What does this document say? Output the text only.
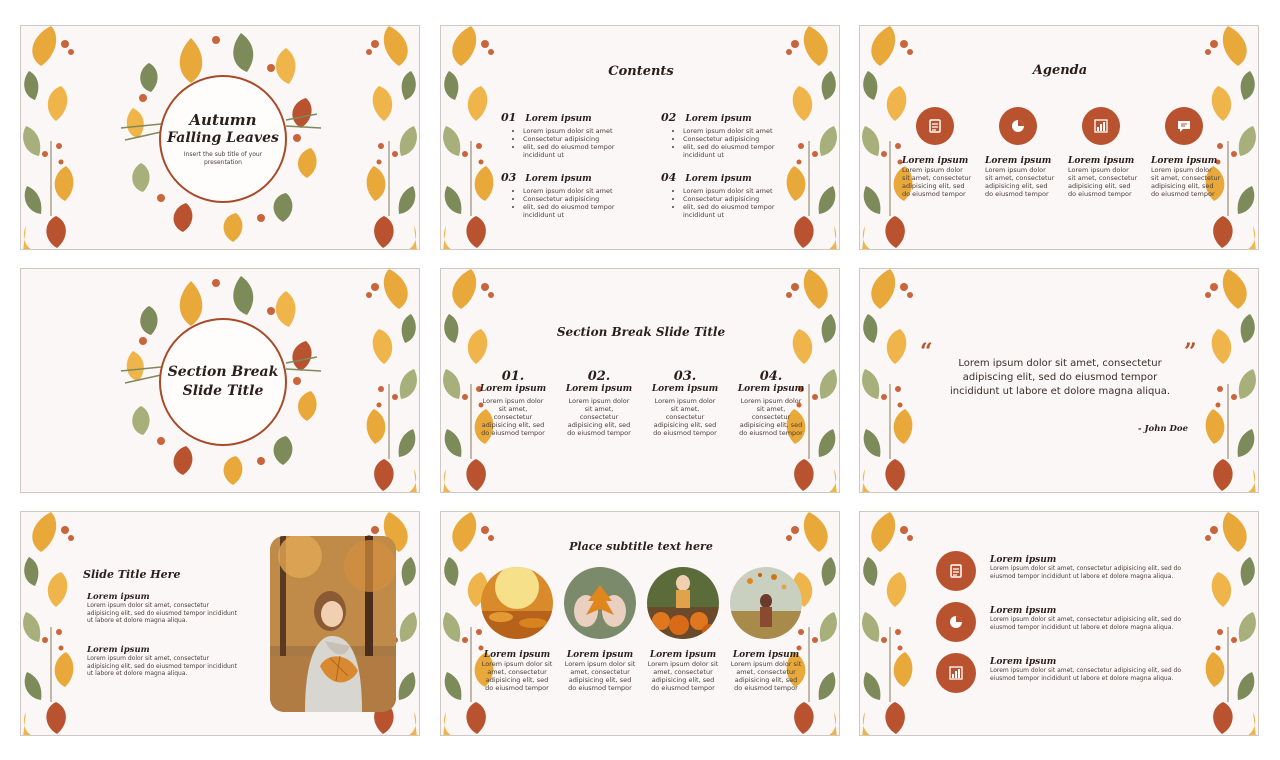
Autumn
Falling Leaves
Insert the sub title of your presentation
Contents
01 Lorem ipsum
• Lorem ipsum dolor sit amet
• Consectetur adipisicing
• elit, sed do eiusmod tempor
incididunt ut
02 Lorem ipsum
• Lorem ipsum dolor sit amet
• Consectetur adipisicing
• elit, sed do eiusmod tempor
incididunt ut
03 Lorem ipsum
• Lorem ipsum dolor sit amet
• Consectetur adipisicing
• elit, sed do eiusmod tempor
incididunt ut
04 Lorem ipsum
• Lorem ipsum dolor sit amet
• Consectetur adipisicing
• elit, sed do eiusmod tempor
incididunt ut
Agenda
Lorem ipsum
Lorem ipsum dolor sit amet, consectetur adipisicing elit, sed do eiusmod tempor
Lorem ipsum
Lorem ipsum dolor sit amet, consectetur adipisicing elit, sed do eiusmod tempor
Lorem ipsum
Lorem ipsum dolor sit amet, consectetur adipisicing elit, sed do eiusmod tempor
Lorem ipsum
Lorem ipsum dolor sit amet, consectetur adipisicing elit, sed do eiusmod tempor
Section Break
Slide Title
Section Break Slide Title
01.
Lorem ipsum
Lorem ipsum dolor sit amet, consectetur adipisicing elit, sed do eiusmod tempor
02.
Lorem ipsum
Lorem ipsum dolor sit amet, consectetur adipisicing elit, sed do eiusmod tempor
03.
Lorem ipsum
Lorem ipsum dolor sit amet, consectetur adipisicing elit, sed do eiusmod tempor
04.
Lorem ipsum
Lorem ipsum dolor sit amet, consectetur adipisicing elit, sed do eiusmod tempor
“	”
Lorem ipsum dolor sit amet, consectetur adipiscing elit, sed do eiusmod tempor incididunt ut labore et dolore magna aliqua.
- John Doe
Slide Title Here
Lorem ipsum
Lorem ipsum dolor sit amet, consectetur adipisicing elit, sed do eiusmod tempor incididunt ut labore et dolore magna aliqua.
Lorem ipsum
Lorem ipsum dolor sit amet, consectetur adipisicing elit, sed do eiusmod tempor incididunt ut labore et dolore magna aliqua.
Place subtitle text here
Lorem ipsum
Lorem ipsum dolor sit amet, consectetur adipisicing elit, sed do eiusmod tempor
Lorem ipsum
Lorem ipsum dolor sit amet, consectetur adipisicing elit, sed do eiusmod tempor
Lorem ipsum
Lorem ipsum dolor sit amet, consectetur adipisicing elit, sed do eiusmod tempor
Lorem ipsum
Lorem ipsum dolor sit amet, consectetur adipisicing elit, sed do eiusmod tempor
Lorem ipsum
Lorem ipsum dolor sit amet, consectetur adipisicing elit, sed do eiusmod tempor incididunt ut labore et dolore magna aliqua.
Lorem ipsum
Lorem ipsum dolor sit amet, consectetur adipisicing elit, sed do eiusmod tempor incididunt ut labore et dolore magna aliqua.
Lorem ipsum
Lorem ipsum dolor sit amet, consectetur adipisicing elit, sed do eiusmod tempor incididunt ut labore et dolore magna aliqua.
